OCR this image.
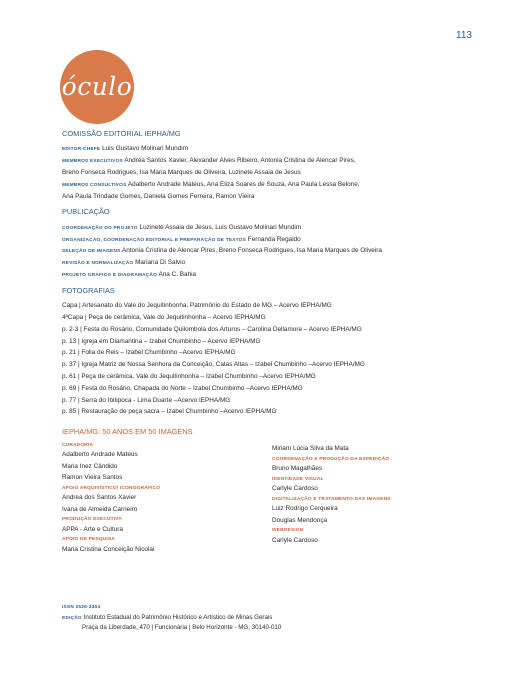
113
óculo
COMISSÃO EDITORIAL IEPHA/MG
EDITOR-CHEFE Luis Gustavo Molinari Mundim
MEMBROS EXECUTIVOS Andréa Santos Xavier, Alexander Alves Ribeiro, Antonia Cristina de Alencar Pires,
Breno Fonseca Rodrigues, Isa Maria Marques de Oliveira, Luzinete Assaia de Jesus
MEMBROS CONSULTIVOS Adalberto Andrade Mateus, Ana Eliza Soares de Souza, Ana Paula Lessa Belone,
Ana Paula Trindade Gomes, Daniela Gomes Ferreira, Ramon Vieira
PUBLICAÇÃO
COORDENAÇÃO DO PROJETO Luzinete Assaia de Jesus, Luis Gustavo Molinari Mundim
ORGANIZAÇÃO, COORDENAÇÃO EDITORIAL E PREPARAÇÃO DE TEXTOS Fernanda Regaldo
SELEÇÃO DE IMAGENS Antonia Cristina de Alencar Pires, Breno Fonseca Rodrigues, Isa Maria Marques de Oliveira
REVISÃO E NORMALIZAÇÃO Mariana Di Salvio
PROJETO GRÁFICO E DIAGRAMAÇÃO Ana C. Bahia
FOTOGRAFIAS
Capa | Artesanato do Vale do Jequitinhonha, Patrimônio do Estado de MG – Acervo IEPHA/MG
4ªCapa | Peça de cerâmica, Vale do Jequitinhonha – Acervo IEPHA/MG
p. 2-3 | Festa do Rosário, Comunidade Quilombola dos Arturos – Carolina Dellamore – Acervo IEPHA/MG
p. 13 | Igreja em Diamantina – Izabel Chumbinho – Acervo IEPHA/MG
p. 21 | Folia de Reis – Izabel Chumbinho –Acervo IEPHA/MG
p. 37 | Igreja Matriz de Nossa Senhora da Conceição, Catas Altas – Izabel Chumbinho –Acervo IEPHA/MG
p. 61 | Peça de cerâmica, Vale do Jequitinhonha – Izabel Chumbinho –Acervo IEPHA/MG
p. 69 | Festa do Rosário, Chapada do Norte – Izabel Chumbinho –Acervo IEPHA/MG
p. 77 | Serra do Ibitipoca - Lima Duarte –Acervo IEPHA/MG
p. 85 | Restauração de peça sacra – Izabel Chumbinho –Acervo IEPHA/MG
IEPHA/MG: 50 ANOS EM 50 IMAGENS
CURADORIA
Adalberto Andrade Mateus
Maria Inez Cândido
Ramon Vieira Santos
APOIO ARQUIVÍSTICO/ ICONOGRÁFICO
Andrea dos Santos Xavier
Ivana de Almeida Carneiro
PRODUÇÃO EXECUTIVA
APPA - Arte e Cultura
APOIO DE PESQUISA
Maria Cristina Conceição Nicolai
Miriam Lúcia Silva da Mata
COORDENAÇÃO E PRODUÇÃO DA EXPEDIÇÃO
Bruno Magalhães
IDENTIDADE VISUAL
Carlyle Cardoso
DIGITALIZAÇÃO E TRATAMENTO DAS IMAGENS
Luiz Rodrigo Cerqueira
Douglas Mendonça
WEBDESIGN
Carlyle Cardoso
ISSN 2526-3404
EDIÇÃO Instituto Estadual do Patrimônio Histórico e Artístico de Minas Gerais
Praça da Liberdade, 470 | Funcionária | Belo Horizonte - MG, 30140-010
